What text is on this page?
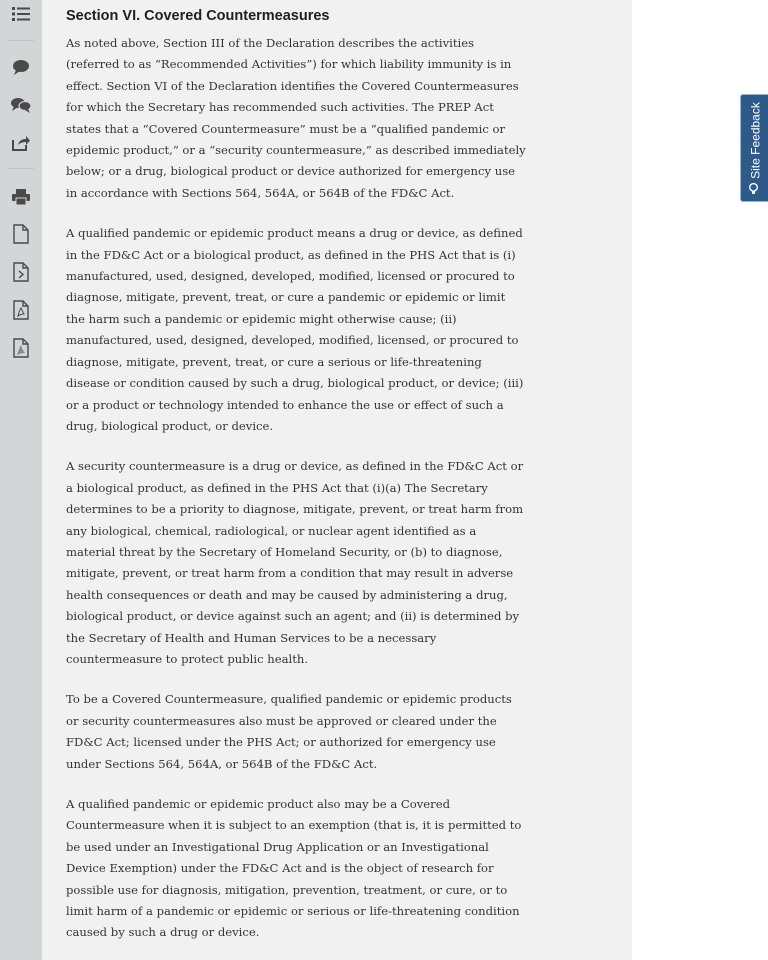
Section VI. Covered Countermeasures

As noted above, Section III of the Declaration describes the activities (referred to as “Recommended Activities”) for which liability immunity is in effect. Section VI of the Declaration identifies the Covered Countermeasures for which the Secretary has recommended such activities. The PREP Act states that a “Covered Countermeasure” must be a “qualified pandemic or epidemic product,” or a “security countermeasure,” as described immediately below; or a drug, biological product or device authorized for emergency use in accordance with Sections 564, 564A, or 564B of the FD&C Act.

A qualified pandemic or epidemic product means a drug or device, as defined in the FD&C Act or a biological product, as defined in the PHS Act that is (i) manufactured, used, designed, developed, modified, licensed or procured to diagnose, mitigate, prevent, treat, or cure a pandemic or epidemic or limit the harm such a pandemic or epidemic might otherwise cause; (ii) manufactured, used, designed, developed, modified, licensed, or procured to diagnose, mitigate, prevent, treat, or cure a serious or life-threatening disease or condition caused by such a drug, biological product, or device; (iii) or a product or technology intended to enhance the use or effect of such a drug, biological product, or device.

A security countermeasure is a drug or device, as defined in the FD&C Act or a biological product, as defined in the PHS Act that (i)(a) The Secretary determines to be a priority to diagnose, mitigate, prevent, or treat harm from any biological, chemical, radiological, or nuclear agent identified as a material threat by the Secretary of Homeland Security, or (b) to diagnose, mitigate, prevent, or treat harm from a condition that may result in adverse health consequences or death and may be caused by administering a drug, biological product, or device against such an agent; and (ii) is determined by the Secretary of Health and Human Services to be a necessary countermeasure to protect public health.

To be a Covered Countermeasure, qualified pandemic or epidemic products or security countermeasures also must be approved or cleared under the FD&C Act; licensed under the PHS Act; or authorized for emergency use under Sections 564, 564A, or 564B of the FD&C Act.

A qualified pandemic or epidemic product also may be a Covered Countermeasure when it is subject to an exemption (that is, it is permitted to be used under an Investigational Drug Application or an Investigational Device Exemption) under the FD&C Act and is the object of research for possible use for diagnosis, mitigation, prevention, treatment, or cure, or to limit harm of a pandemic or epidemic or serious or life-threatening condition caused by such a drug or device.

Site Feedback
